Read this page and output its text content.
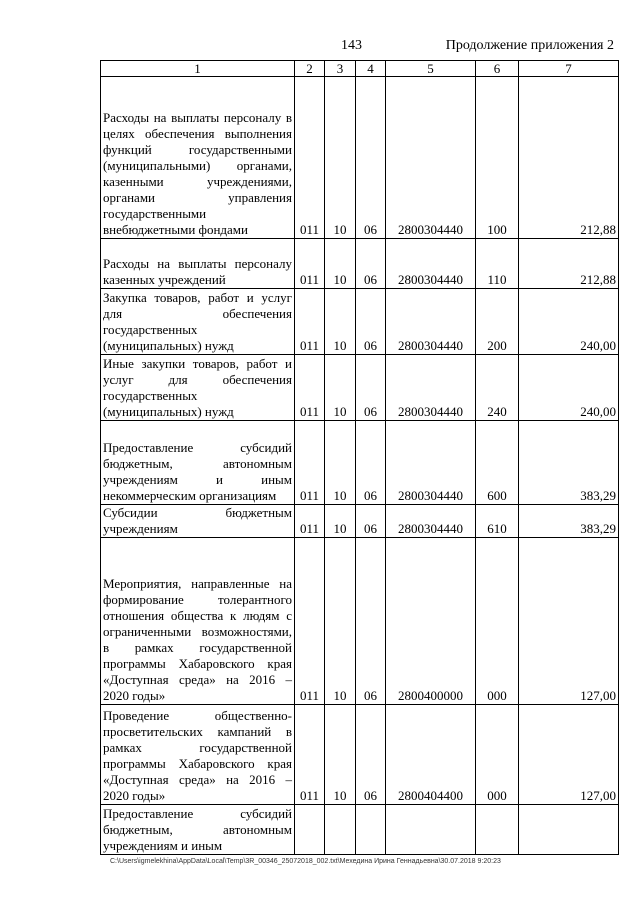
143	Продолжение приложения 2
1	2	3	4	5	6	7
Расходы на выплаты персоналу в целях обеспечения выполнения функций государственными (муниципальными) органами, казенными учреждениями, органами управления государственными внебюджетными фондами	011	10	06	2800304440	100	212,88
Расходы на выплаты персоналу казенных учреждений	011	10	06	2800304440	110	212,88
Закупка товаров, работ и услуг для обеспечения государственных (муниципальных) нужд	011	10	06	2800304440	200	240,00
Иные закупки товаров, работ и услуг для обеспечения государственных (муниципальных) нужд	011	10	06	2800304440	240	240,00
Предоставление субсидий бюджетным, автономным учреждениям и иным некоммерческим организациям	011	10	06	2800304440	600	383,29
Субсидии бюджетным учреждениям	011	10	06	2800304440	610	383,29
Мероприятия, направленные на формирование толерантного отношения общества к людям с ограниченными возможностями, в рамках государственной программы Хабаровского края «Доступная среда» на 2016 – 2020 годы»	011	10	06	2800400000	000	127,00
Проведение общественно-просветительских кампаний в рамках государственной программы Хабаровского края «Доступная среда» на 2016 – 2020 годы»	011	10	06	2800404400	000	127,00
Предоставление субсидий бюджетным, автономным учреждениям и иным						
C:\Users\igmelekhina\AppData\Local\Temp\3R_00346_25072018_002.txt\Мехедина Ирина Геннадьевна\30.07.2018 9:20:23
